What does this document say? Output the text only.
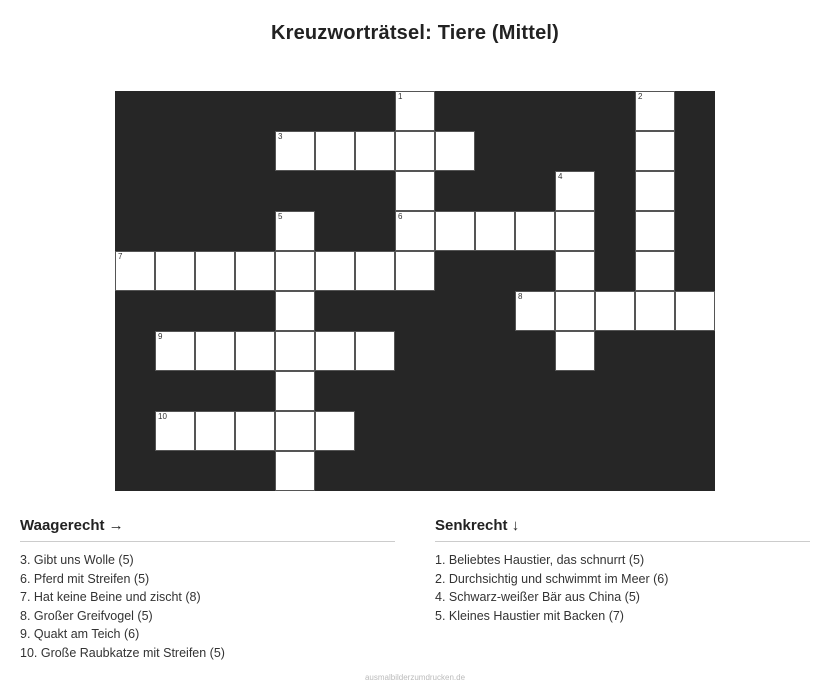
Kreuzworträtsel: Tiere (Mittel)
1	2
3
4
5	6
7
8
9
10
Waagerecht →
3. Gibt uns Wolle (5)
6. Pferd mit Streifen (5)
7. Hat keine Beine und zischt (8)
8. Großer Greifvogel (5)
9. Quakt am Teich (6)
10. Große Raubkatze mit Streifen (5)
Senkrecht ↓
1. Beliebtes Haustier, das schnurrt (5)
2. Durchsichtig und schwimmt im Meer (6)
4. Schwarz-weißer Bär aus China (5)
5. Kleines Haustier mit Backen (7)
ausmalbilderzumdrucken.de
